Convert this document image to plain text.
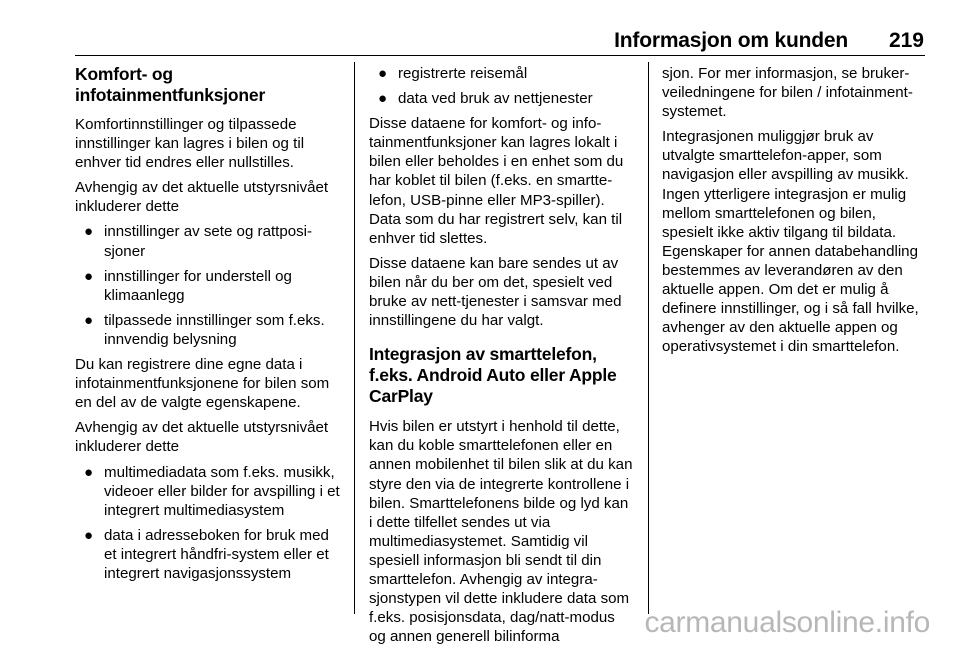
Informasjon om kunden 219
Komfort- og infotainmentfunksjoner

Komfortinnstillinger og tilpassede innstillinger kan lagres i bilen og til enhver tid endres eller nullstilles.

Avhengig av det aktuelle utstyrsnivået inkluderer dette

● innstillinger av sete og rattposisjoner
● innstillinger for understell og klimaanlegg
● tilpassede innstillinger som f.eks. innvendig belysning

Du kan registrere dine egne data i infotainmentfunksjonene for bilen som en del av de valgte egenskapene.

Avhengig av det aktuelle utstyrsnivået inkluderer dette

● multimediadata som f.eks. musikk, videoer eller bilder for avspilling i et integrert multimediasystem
● data i adresseboken for bruk med et integrert håndfri-system eller et integrert navigasjonssystem
● registrerte reisemål
● data ved bruk av nettjenester

Disse dataene for komfort- og infotainmentfunksjoner kan lagres lokalt i bilen eller beholdes i en enhet som du har koblet til bilen (f.eks. en smarttelefon, USB-pinne eller MP3-spiller). Data som du har registrert selv, kan til enhver tid slettes.

Disse dataene kan bare sendes ut av bilen når du ber om det, spesielt ved bruke av nett-tjenester i samsvar med innstillingene du har valgt.

Integrasjon av smarttelefon, f.eks. Android Auto eller Apple CarPlay

Hvis bilen er utstyrt i henhold til dette, kan du koble smarttelefonen eller en annen mobilenhet til bilen slik at du kan styre den via de integrerte kontrollene i bilen. Smarttelefonens bilde og lyd kan i dette tilfellet sendes ut via multimediasystemet. Samtidig vil spesiell informasjon bli sendt til din smarttelefon. Avhengig av integrasjonstypen vil dette inkludere data som f.eks. posisjonsdata, dag/natt-modus og annen generell bilinforma

sjon. For mer informasjon, se brukerveiledningene for bilen / infotainment-systemet.

Integrasjonen muliggjør bruk av utvalgte smarttelefon-apper, som navigasjon eller avspilling av musikk. Ingen ytterligere integrasjon er mulig mellom smarttelefonen og bilen, spesielt ikke aktiv tilgang til bildata. Egenskaper for annen databehandling bestemmes av leverandøren av den aktuelle appen. Om det er mulig å definere innstillinger, og i så fall hvilke, avhenger av den aktuelle appen og operativsystemet i din smarttelefon.

carmanualsonline.info
